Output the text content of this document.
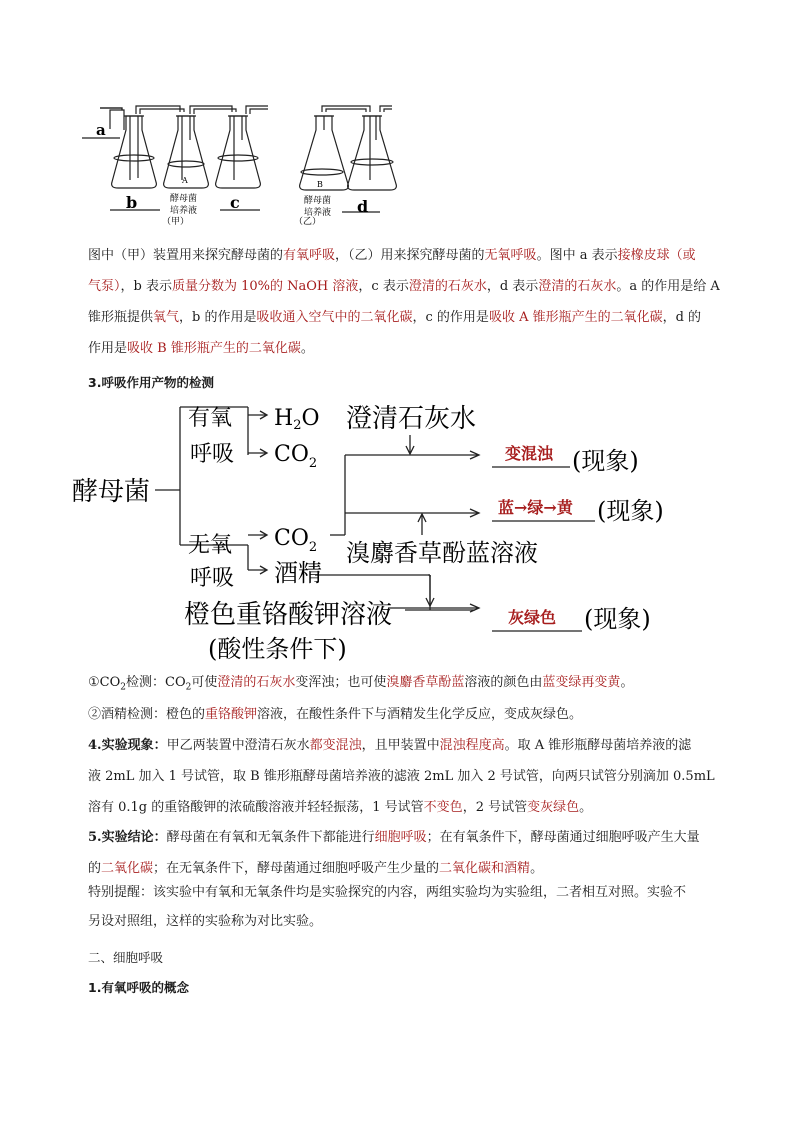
a
b	c	d
A	B
酵母菌
培养液
酵母菌
培养液
（甲）	（乙）
图中（甲）装置用来探究酵母菌的有氧呼吸，（乙）用来探究酵母菌的无氧呼吸。图中 a 表示接橡皮球（或
气泵），b 表示质量分数为 10%的 NaOH 溶液，c 表示澄清的石灰水，d 表示澄清的石灰水。a 的作用是给 A
锥形瓶提供氧气，b 的作用是吸收通入空气中的二氧化碳，c 的作用是吸收 A 锥形瓶产生的二氧化碳，d 的
作用是吸收 B 锥形瓶产生的二氧化碳。
3.呼吸作用产物的检测
酵母菌
有氧
呼吸
无氧
呼吸
H2O
$CO_2$
$CO_2$
酒精
澄清石灰水
溴麝香草酚蓝溶液
橙色重铬酸钾溶液
(酸性条件下)
变混浊
蓝→绿→黄
灰绿色
(现象)
(现象)
(现象)
$①CO_2$检测：$CO_2$可使澄清的石灰水变浑浊；也可使溴麝香草酚蓝溶液的颜色由蓝变绿再变黄。
②酒精检测：橙色的重铬酸钾溶液，在酸性条件下与酒精发生化学反应，变成灰绿色。
4.实验现象：甲乙两装置中澄清石灰水都变混浊，且甲装置中混浊程度高。取 A 锥形瓶酵母菌培养液的滤
液 2mL 加入 1 号试管，取 B 锥形瓶酵母菌培养液的滤液 2mL 加入 2 号试管，向两只试管分别滴加 0.5mL
溶有 0.1g 的重铬酸钾的浓硫酸溶液并轻轻振荡，1 号试管不变色，2 号试管变灰绿色。
5.实验结论：酵母菌在有氧和无氧条件下都能进行细胞呼吸；在有氧条件下，酵母菌通过细胞呼吸产生大量
的二氧化碳；在无氧条件下，酵母菌通过细胞呼吸产生少量的二氧化碳和酒精。
特别提醒：该实验中有氧和无氧条件均是实验探究的内容，两组实验均为实验组，二者相互对照。实验不
另设对照组，这样的实验称为对比实验。
二、细胞呼吸
1.有氧呼吸的概念
